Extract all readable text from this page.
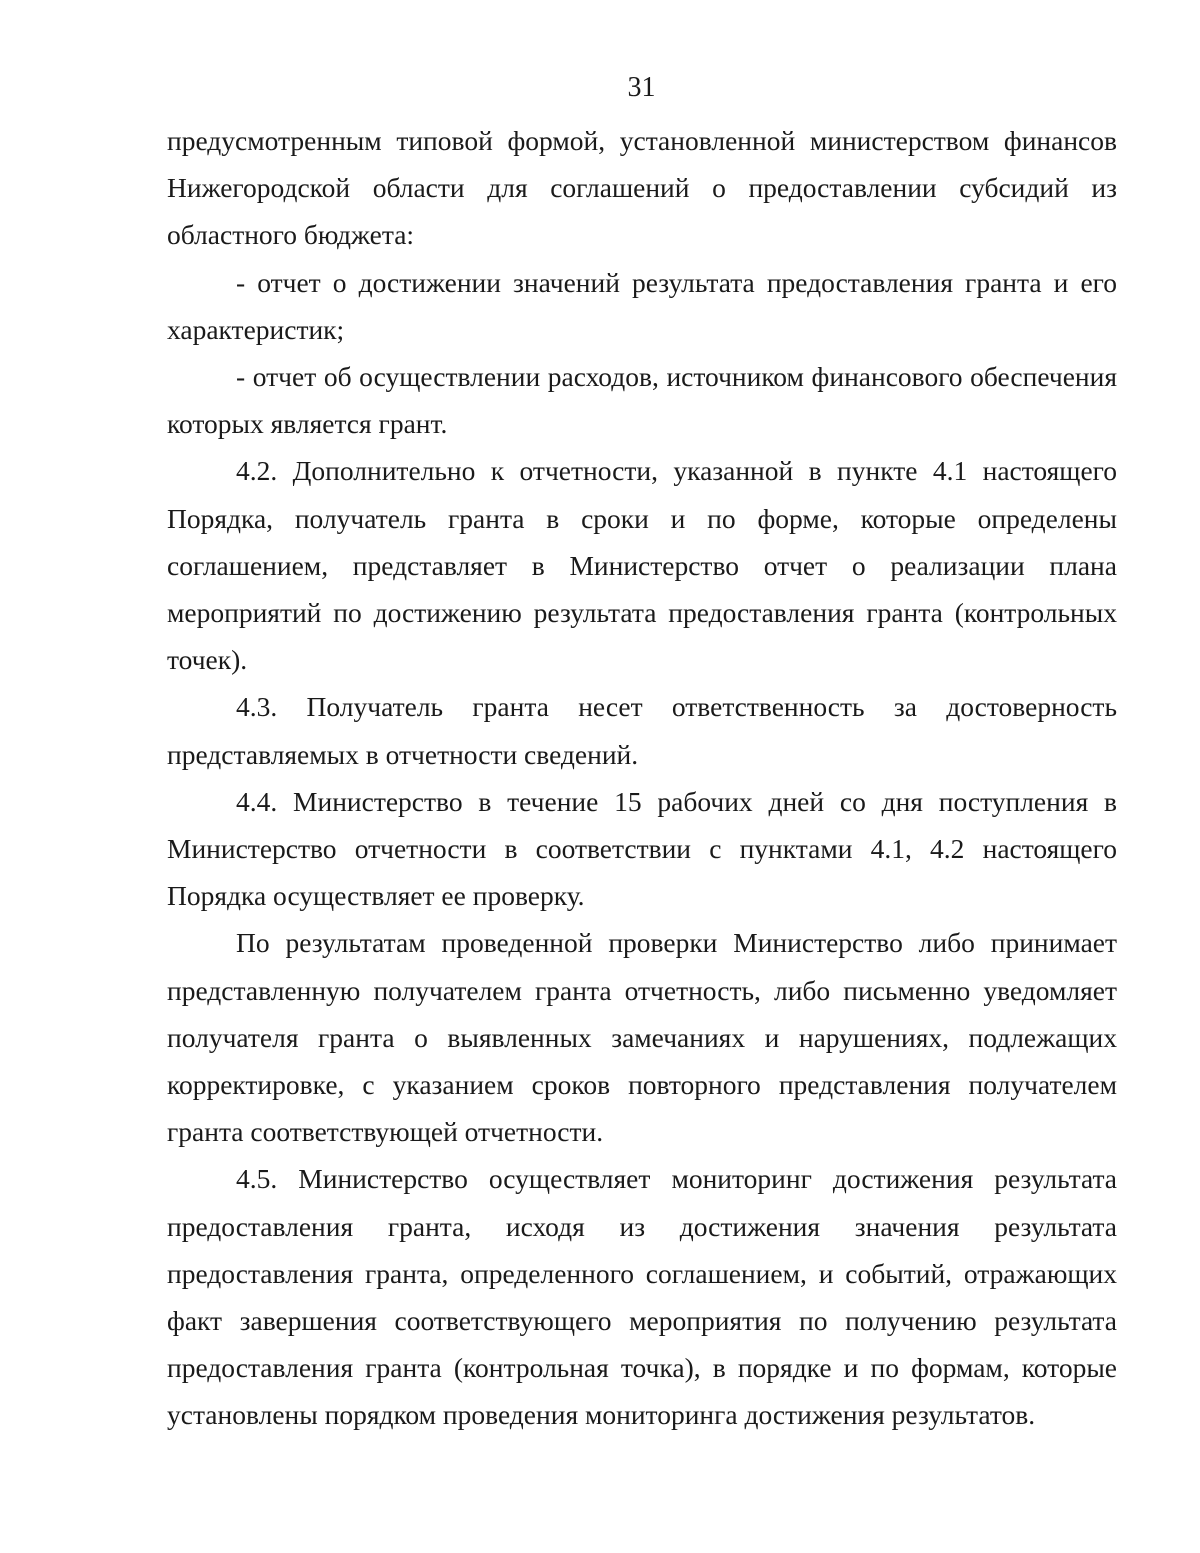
31

предусмотренным типовой формой, установленной министерством финансов Нижегородской области для соглашений о предоставлении субсидий из областного бюджета:

- отчет о достижении значений результата предоставления гранта и его характеристик;

- отчет об осуществлении расходов, источником финансового обеспечения которых является грант.

4.2. Дополнительно к отчетности, указанной в пункте 4.1 настоящего Порядка, получатель гранта в сроки и по форме, которые определены соглашением, представляет в Министерство отчет о реализации плана мероприятий по достижению результата предоставления гранта (контрольных точек).

4.3. Получатель гранта несет ответственность за достоверность представляемых в отчетности сведений.

4.4. Министерство в течение 15 рабочих дней со дня поступления в Министерство отчетности в соответствии с пунктами 4.1, 4.2 настоящего Порядка осуществляет ее проверку.

По результатам проведенной проверки Министерство либо принимает представленную получателем гранта отчетность, либо письменно уведомляет получателя гранта о выявленных замечаниях и нарушениях, подлежащих корректировке, с указанием сроков повторного представления получателем гранта соответствующей отчетности.

4.5. Министерство осуществляет мониторинг достижения результата предоставления гранта, исходя из достижения значения результата предоставления гранта, определенного соглашением, и событий, отражающих факт завершения соответствующего мероприятия по получению результата предоставления гранта (контрольная точка), в порядке и по формам, которые установлены порядком проведения мониторинга достижения результатов.
